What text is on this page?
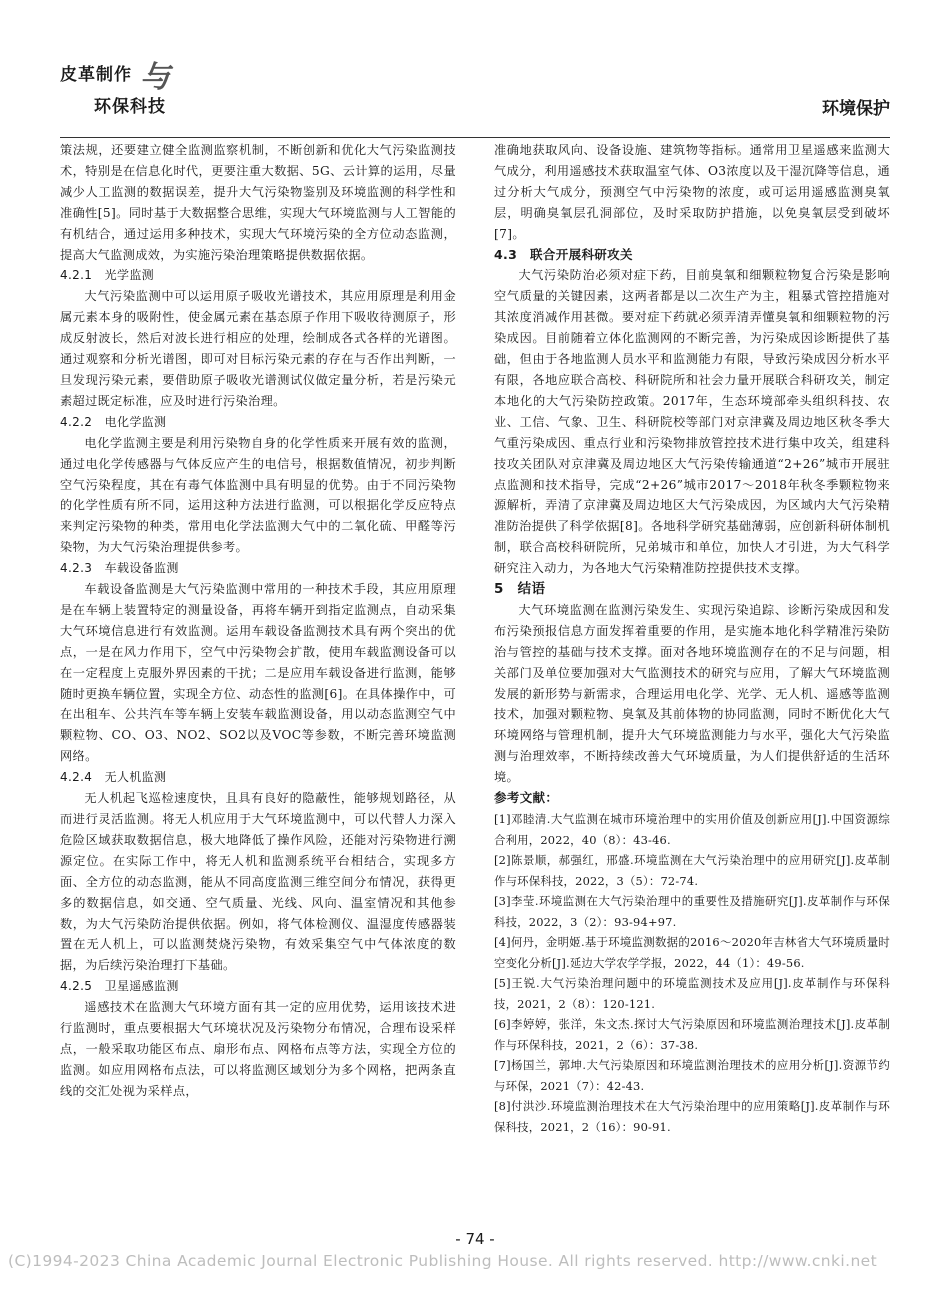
皮革制作 与
环保科技	环境保护

策法规，还要建立健全监测监察机制，不断创新和优化大气污染监测技术，特别是在信息化时代，更要注重大数据、5G、云计算的运用，尽量减少人工监测的数据误差，提升大气污染物鉴别及环境监测的科学性和准确性[5]。同时基于大数据整合思维，实现大气环境监测与人工智能的有机结合，通过运用多种技术，实现大气环境污染的全方位动态监测，提高大气监测成效，为实施污染治理策略提供数据依据。

4.2.1　光学监测

大气污染监测中可以运用原子吸收光谱技术，其应用原理是利用金属元素本身的吸附性，使金属元素在基态原子作用下吸收待测原子，形成反射波长，然后对波长进行相应的处理，绘制成各式各样的光谱图。通过观察和分析光谱图，即可对目标污染元素的存在与否作出判断，一旦发现污染元素，要借助原子吸收光谱测试仪做定量分析，若是污染元素超过既定标准，应及时进行污染治理。

4.2.2　电化学监测

电化学监测主要是利用污染物自身的化学性质来开展有效的监测，通过电化学传感器与气体反应产生的电信号，根据数值情况，初步判断空气污染程度，其在有毒气体监测中具有明显的优势。由于不同污染物的化学性质有所不同，运用这种方法进行监测，可以根据化学反应特点来判定污染物的种类，常用电化学法监测大气中的二氧化硫、甲醛等污染物，为大气污染治理提供参考。

4.2.3　车载设备监测

车载设备监测是大气污染监测中常用的一种技术手段，其应用原理是在车辆上装置特定的测量设备，再将车辆开到指定监测点，自动采集大气环境信息进行有效监测。运用车载设备监测技术具有两个突出的优点，一是在风力作用下，空气中污染物会扩散，使用车载监测设备可以在一定程度上克服外界因素的干扰；二是应用车载设备进行监测，能够随时更换车辆位置，实现全方位、动态性的监测[6]。在具体操作中，可在出租车、公共汽车等车辆上安装车载监测设备，用以动态监测空气中颗粒物、CO、O3、NO2、SO2以及VOC等参数，不断完善环境监测网络。

4.2.4　无人机监测

无人机起飞巡检速度快，且具有良好的隐蔽性，能够规划路径，从而进行灵活监测。将无人机应用于大气环境监测中，可以代替人力深入危险区域获取数据信息，极大地降低了操作风险，还能对污染物进行溯源定位。在实际工作中，将无人机和监测系统平台相结合，实现多方面、全方位的动态监测，能从不同高度监测三维空间分布情况，获得更多的数据信息，如交通、空气质量、光线、风向、温室情况和其他参数，为大气污染防治提供依据。例如，将气体检测仪、温湿度传感器装置在无人机上，可以监测焚烧污染物，有效采集空气中气体浓度的数据，为后续污染治理打下基础。

4.2.5　卫星遥感监测

遥感技术在监测大气环境方面有其一定的应用优势，运用该技术进行监测时，重点要根据大气环境状况及污染物分布情况，合理布设采样点，一般采取功能区布点、扇形布点、网格布点等方法，实现全方位的监测。如应用网格布点法，可以将监测区域划分为多个网格，把两条直线的交汇处视为采样点，

准确地获取风向、设备设施、建筑物等指标。通常用卫星遥感来监测大气成分，利用遥感技术获取温室气体、O3浓度以及干湿沉降等信息，通过分析大气成分，预测空气中污染物的浓度，或可运用遥感监测臭氧层，明确臭氧层孔洞部位，及时采取防护措施，以免臭氧层受到破坏[7]。

4.3　联合开展科研攻关

大气污染防治必须对症下药，目前臭氧和细颗粒物复合污染是影响空气质量的关键因素，这两者都是以二次生产为主，粗暴式管控措施对其浓度消减作用甚微。要对症下药就必须弄清弄懂臭氧和细颗粒物的污染成因。目前随着立体化监测网的不断完善，为污染成因诊断提供了基础，但由于各地监测人员水平和监测能力有限，导致污染成因分析水平有限，各地应联合高校、科研院所和社会力量开展联合科研攻关，制定本地化的大气污染防控政策。2017年，生态环境部牵头组织科技、农业、工信、气象、卫生、科研院校等部门对京津冀及周边地区秋冬季大气重污染成因、重点行业和污染物排放管控技术进行集中攻关，组建科技攻关团队对京津冀及周边地区大气污染传输通道“2+26”城市开展驻点监测和技术指导，完成“2+26”城市2017～2018年秋冬季颗粒物来源解析，弄清了京津冀及周边地区大气污染成因，为区域内大气污染精准防治提供了科学依据[8]。各地科学研究基础薄弱，应创新科研体制机制，联合高校科研院所，兄弟城市和单位，加快人才引进，为大气科学研究注入动力，为各地大气污染精准防控提供技术支撑。

5　结语

大气环境监测在监测污染发生、实现污染追踪、诊断污染成因和发布污染预报信息方面发挥着重要的作用，是实施本地化科学精准污染防治与管控的基础与技术支撑。面对各地环境监测存在的不足与问题，相关部门及单位要加强对大气监测技术的研究与应用，了解大气环境监测发展的新形势与新需求，合理运用电化学、光学、无人机、遥感等监测技术，加强对颗粒物、臭氧及其前体物的协同监测，同时不断优化大气环境网络与管理机制，提升大气环境监测能力与水平，强化大气污染监测与治理效率，不断持续改善大气环境质量，为人们提供舒适的生活环境。

参考文献：

[1]邓睦清.大气监测在城市环境治理中的实用价值及创新应用[J].中国资源综合利用，2022，40（8）：43-46.

[2]陈景顺，郝强红，邢盛.环境监测在大气污染治理中的应用研究[J].皮革制作与环保科技，2022，3（5）：72-74.

[3]李莹.环境监测在大气污染治理中的重要性及措施研究[J].皮革制作与环保科技，2022，3（2）：93-94+97.

[4]何丹，金明姬.基于环境监测数据的2016～2020年吉林省大气环境质量时空变化分析[J].延边大学农学学报，2022，44（1）：49-56.

[5]王锐.大气污染治理问题中的环境监测技术及应用[J].皮革制作与环保科技，2021，2（8）：120-121.

[6]李婷婷，张洋，朱文杰.探讨大气污染原因和环境监测治理技术[J].皮革制作与环保科技，2021，2（6）：37-38.

[7]杨国兰，郭坤.大气污染原因和环境监测治理技术的应用分析[J].资源节约与环保，2021（7）：42-43.

[8]付洪沙.环境监测治理技术在大气污染治理中的应用策略[J].皮革制作与环保科技，2021，2（16）：90-91.

- 74 -
(C)1994-2023 China Academic Journal Electronic Publishing House. All rights reserved. http://www.cnki.net
